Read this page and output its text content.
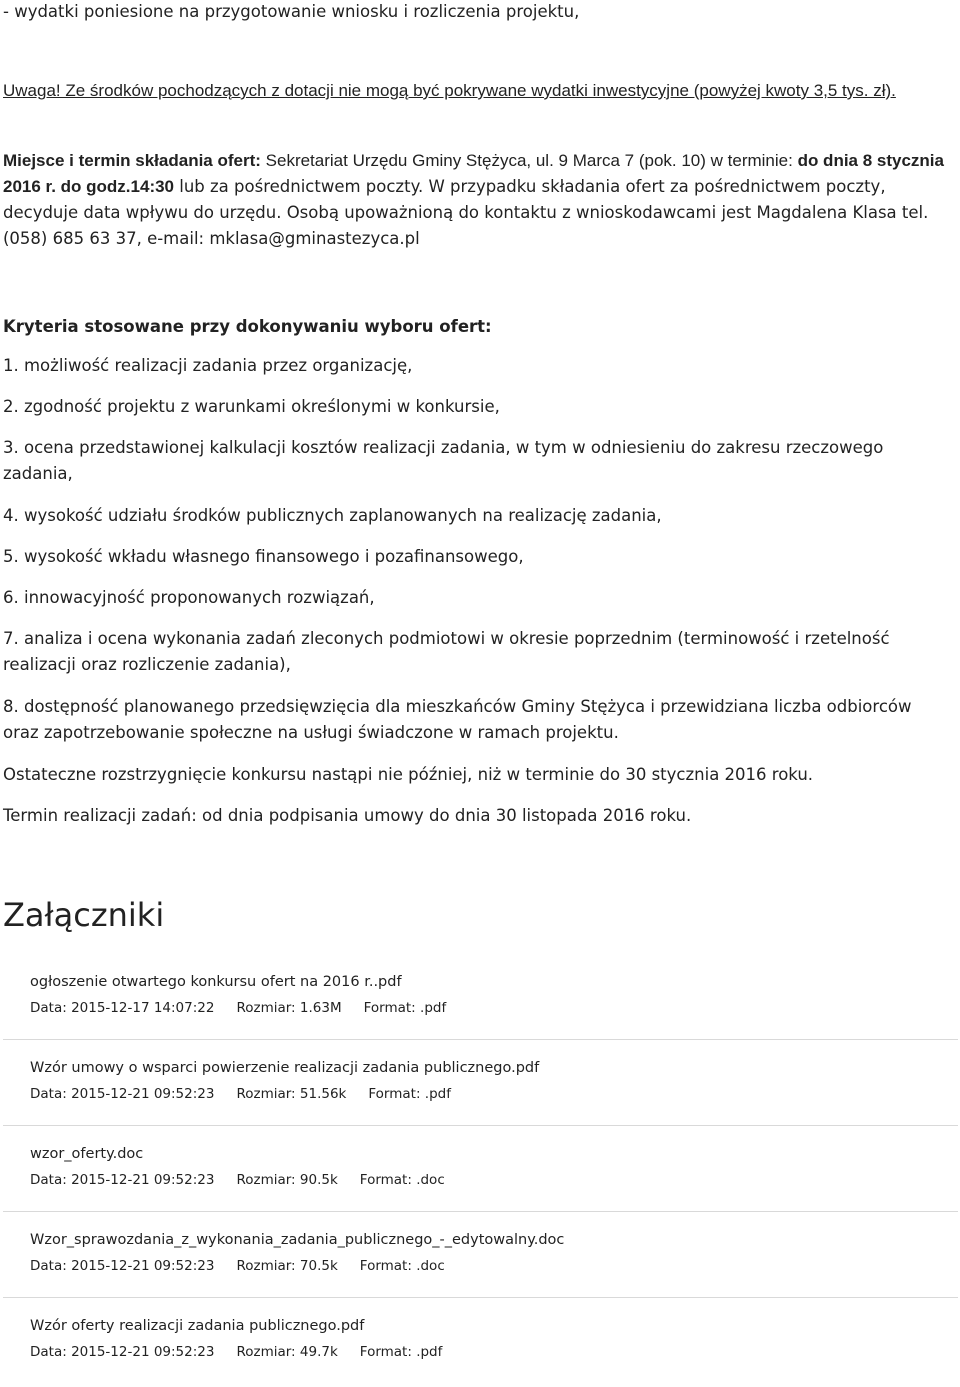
- wydatki poniesione na przygotowanie wniosku i rozliczenia projektu,

Uwaga! Ze środków pochodzących z dotacji nie mogą być pokrywane wydatki inwestycyjne (powyżej kwoty 3,5 tys. zł).

Miejsce i termin składania ofert: Sekretariat Urzędu Gminy Stężyca, ul. 9 Marca 7 (pok. 10) w terminie: do dnia 8 stycznia 2016 r. do godz.14:30 lub za pośrednictwem poczty. W przypadku składania ofert za pośrednictwem poczty, decyduje data wpływu do urzędu. Osobą upoważnioną do kontaktu z wnioskodawcami jest Magdalena Klasa tel. (058) 685 63 37, e-mail: mklasa@gminastezyca.pl

Kryteria stosowane przy dokonywaniu wyboru ofert:

1. możliwość realizacji zadania przez organizację,

2. zgodność projektu z warunkami określonymi w konkursie,

3. ocena przedstawionej kalkulacji kosztów realizacji zadania, w tym w odniesieniu do zakresu rzeczowego zadania,

4. wysokość udziału środków publicznych zaplanowanych na realizację zadania,

5. wysokość wkładu własnego finansowego i pozafinansowego,

6. innowacyjność proponowanych rozwiązań,

7. analiza i ocena wykonania zadań zleconych podmiotowi w okresie poprzednim (terminowość i rzetelność realizacji oraz rozliczenie zadania),

8. dostępność planowanego przedsięwzięcia dla mieszkańców Gminy Stężyca i przewidziana liczba odbiorców oraz zapotrzebowanie społeczne na usługi świadczone w ramach projektu.

Ostateczne rozstrzygnięcie konkursu nastąpi nie później, niż w terminie do 30 stycznia 2016 roku.

Termin realizacji zadań: od dnia podpisania umowy do dnia 30 listopada 2016 roku.

Załączniki
ogłoszenie otwartego konkursu ofert na 2016 r..pdf
Data: 2015-12-17 14:07:22 Rozmiar: 1.63M Format: .pdf
Wzór umowy o wsparci powierzenie realizacji zadania publicznego.pdf
Data: 2015-12-21 09:52:23 Rozmiar: 51.56k Format: .pdf
wzor_oferty.doc
Data: 2015-12-21 09:52:23 Rozmiar: 90.5k Format: .doc
Wzor_sprawozdania_z_wykonania_zadania_publicznego_-_edytowalny.doc
Data: 2015-12-21 09:52:23 Rozmiar: 70.5k Format: .doc
Wzór oferty realizacji zadania publicznego.pdf
Data: 2015-12-21 09:52:23 Rozmiar: 49.7k Format: .pdf
